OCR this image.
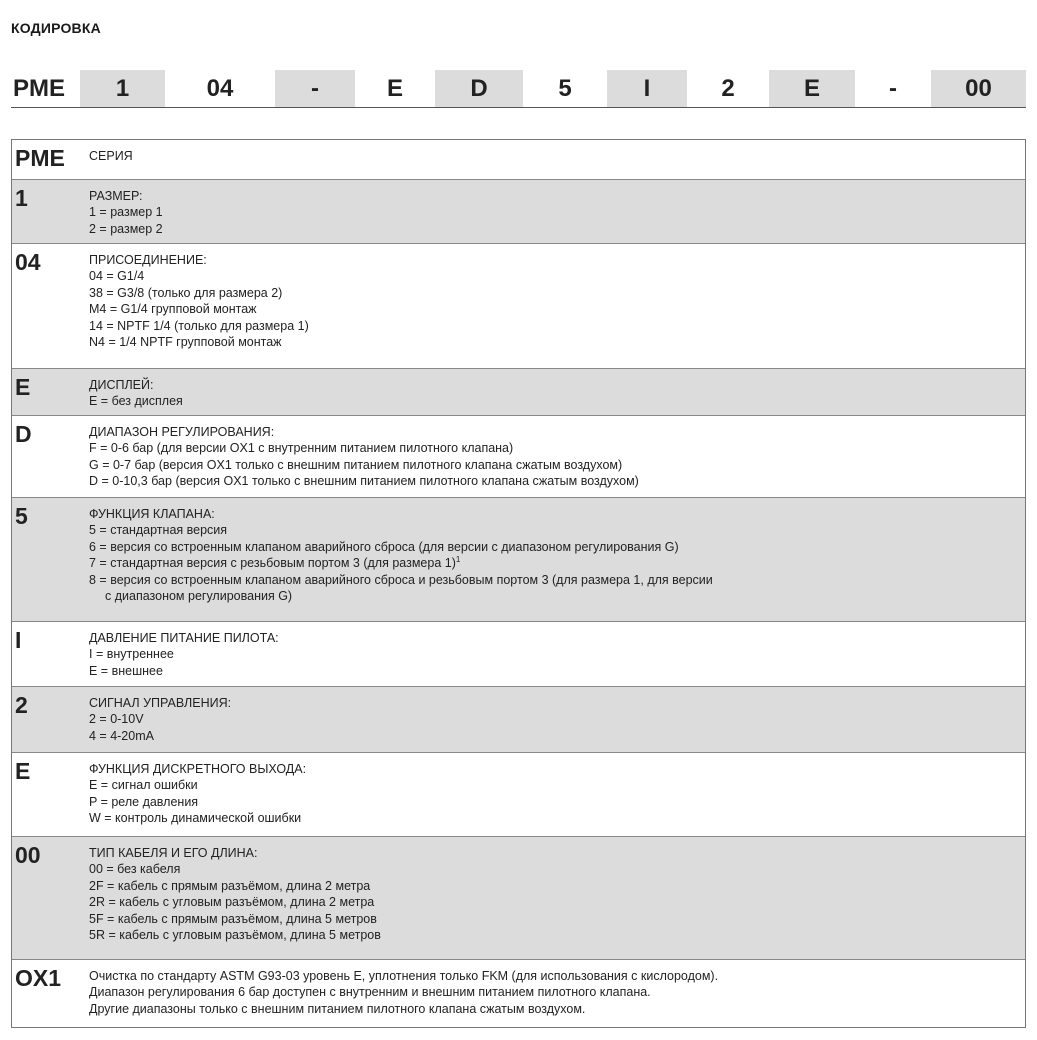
КОДИРОВКА
PME	1	04	-	E	D	5	I	2	E	-	00
PME	СЕРИЯ
1	РАЗМЕР:
1 = размер 1
2 = размер 2
04	ПРИСОЕДИНЕНИЕ:
04 = G1/4
38 = G3/8 (только для размера 2)
M4 = G1/4 групповой монтаж
14 = NPTF 1/4 (только для размера 1)
N4 = 1/4 NPTF групповой монтаж
E	ДИСПЛЕЙ:
E = без дисплея
D	ДИАПАЗОН РЕГУЛИРОВАНИЯ:
F = 0-6 бар (для версии OX1 с внутренним питанием пилотного клапана)
G = 0-7 бар (версия OX1 только с внешним питанием пилотного клапана сжатым воздухом)
D = 0-10,3 бар (версия OX1 только с внешним питанием пилотного клапана сжатым воздухом)
5	ФУНКЦИЯ КЛАПАНА:
5 = стандартная версия
6 = версия со встроенным клапаном аварийного сброса (для версии с диапазоном регулирования G)
7 = стандартная версия с резьбовым портом 3 (для размера 1)$^1$
8 = версия со встроенным клапаном аварийного сброса и резьбовым портом 3 (для размера 1, для версии
с диапазоном регулирования G)
I	ДАВЛЕНИЕ ПИТАНИЕ ПИЛОТА:
I = внутреннее
E = внешнее
2	СИГНАЛ УПРАВЛЕНИЯ:
2 = 0-10V
4 = 4-20mA
E	ФУНКЦИЯ ДИСКРЕТНОГО ВЫХОДА:
E = сигнал ошибки
P = реле давления
W = контроль динамической ошибки
00	ТИП КАБЕЛЯ И ЕГО ДЛИНА:
00 = без кабеля
2F = кабель с прямым разъёмом, длина 2 метра
2R = кабель с угловым разъёмом, длина 2 метра
5F = кабель с прямым разъёмом, длина 5 метров
5R = кабель с угловым разъёмом, длина 5 метров
OX1	Очистка по стандарту ASTM G93-03 уровень E, уплотнения только FKM (для использования с кислородом).
Диапазон регулирования 6 бар доступен с внутренним и внешним питанием пилотного клапана.
Другие диапазоны только с внешним питанием пилотного клапана сжатым воздухом.
